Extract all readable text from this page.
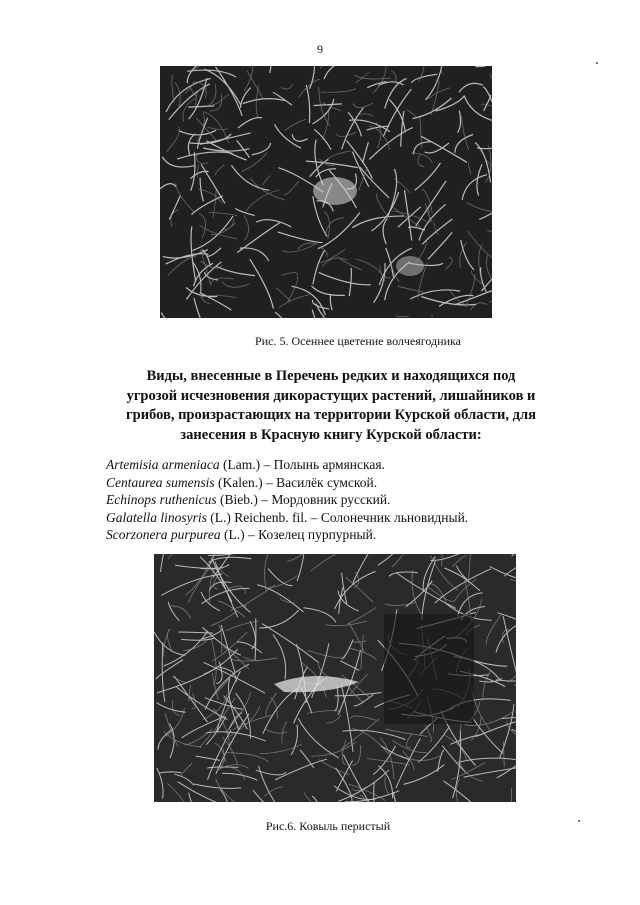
9
Рис. 5. Осеннее цветение волчеягодника
Виды, внесенные в Перечень редких и находящихся под
угрозой исчезновения дикорастущих растений, лишайников и
грибов, произрастающих на территории Курской области, для
занесения в Красную книгу Курской области:
Artemisia armeniaca (Lam.) – Полынь армянская.
Centaurea sumensis (Kalen.) – Василёк сумской.
Echinops ruthenicus (Bieb.) – Мордовник русский.
Galatella linosyris (L.) Reichenb. fil. – Солонечник льновидный.
Scorzonera purpurea (L.) – Козелец пурпурный.
Рис.6. Ковыль перистый
